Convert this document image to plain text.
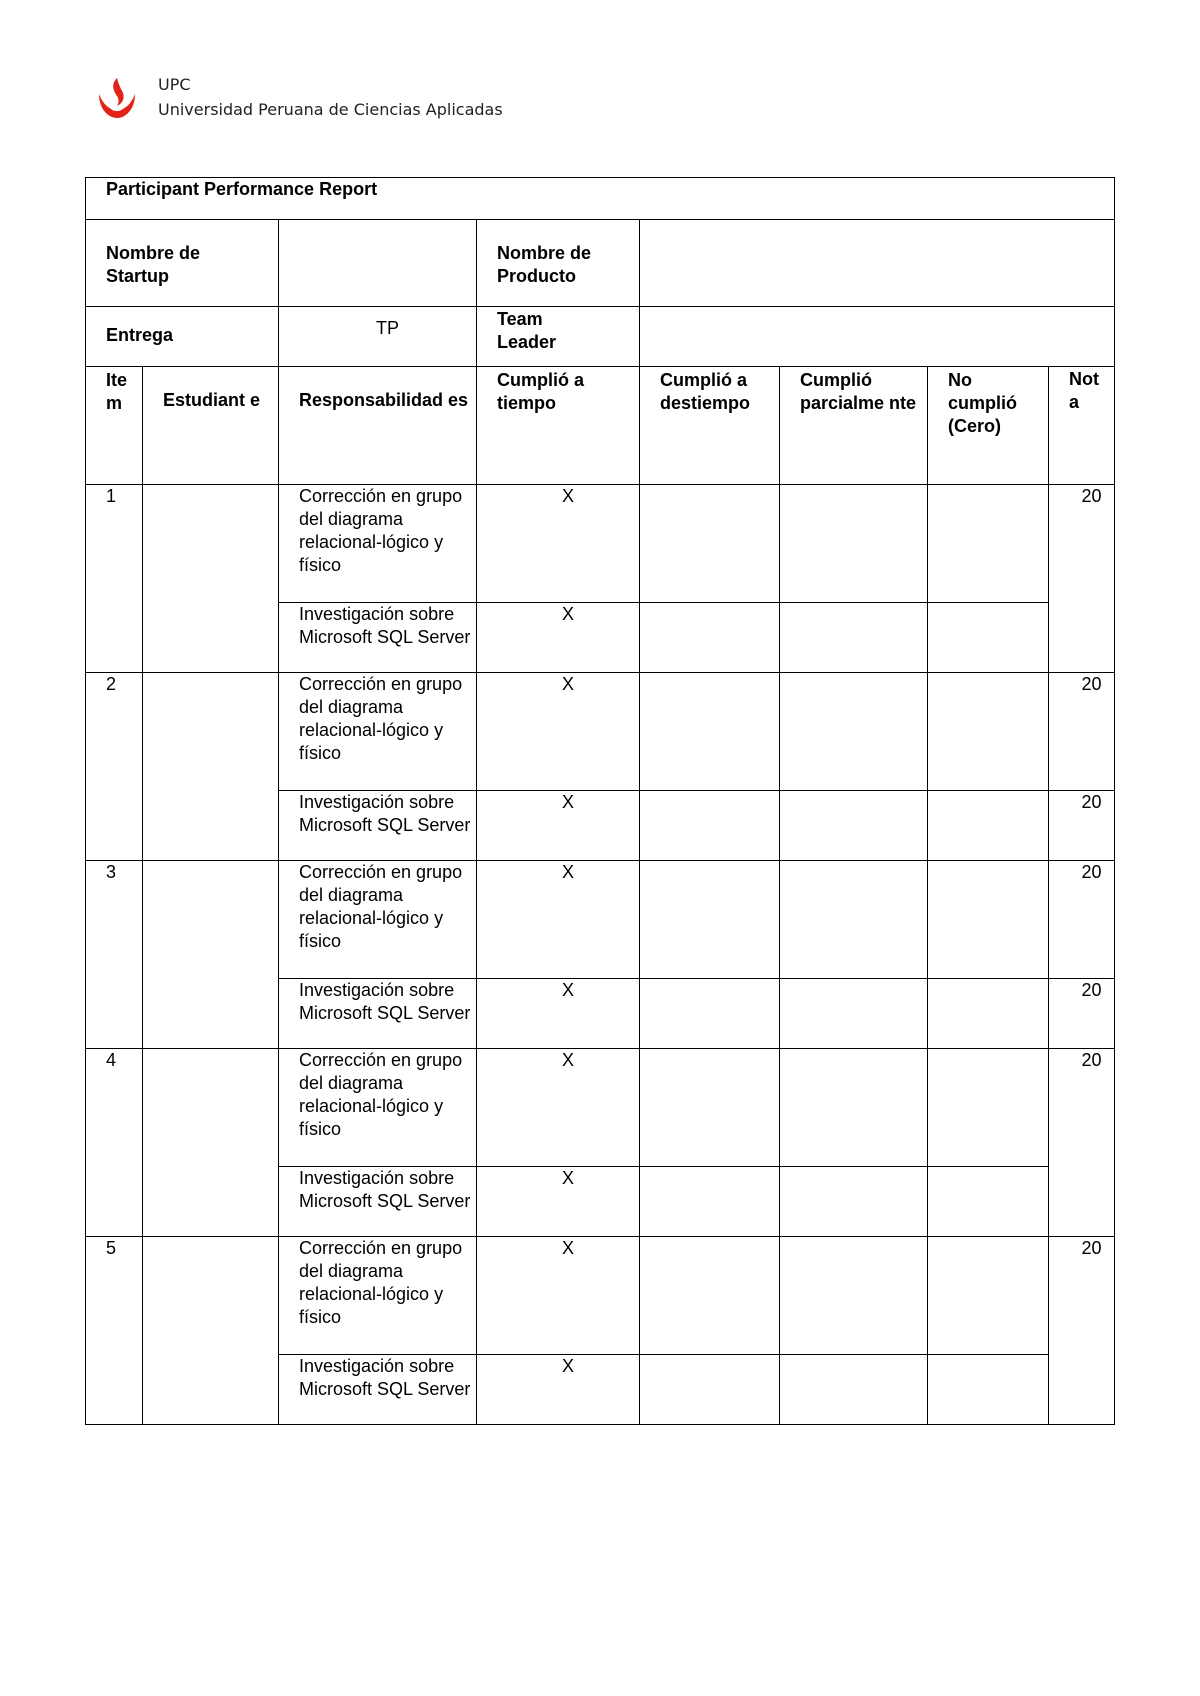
UPC
Universidad Peruana de Ciencias Aplicadas
Participant Performance Report							
Nombre de Startup			Nombre de Producto				
Entrega		TP	Team Leader				
Ite m	Estudiant e	Responsabilidad es	Cumplió a tiempo	Cumplió a destiempo	Cumplió parcialme nte	No cumplió (Cero)	Not a
1		Corrección en grupo del diagrama relacional-lógico y físico	X				20
		Investigación sobre Microsoft SQL Server	X				
2		Corrección en grupo del diagrama relacional-lógico y físico	X				20
		Investigación sobre Microsoft SQL Server	X				20
3		Corrección en grupo del diagrama relacional-lógico y físico	X				20
		Investigación sobre Microsoft SQL Server	X				20
4		Corrección en grupo del diagrama relacional-lógico y físico	X				20
		Investigación sobre Microsoft SQL Server	X				
5		Corrección en grupo del diagrama relacional-lógico y físico	X				20
		Investigación sobre Microsoft SQL Server	X				
